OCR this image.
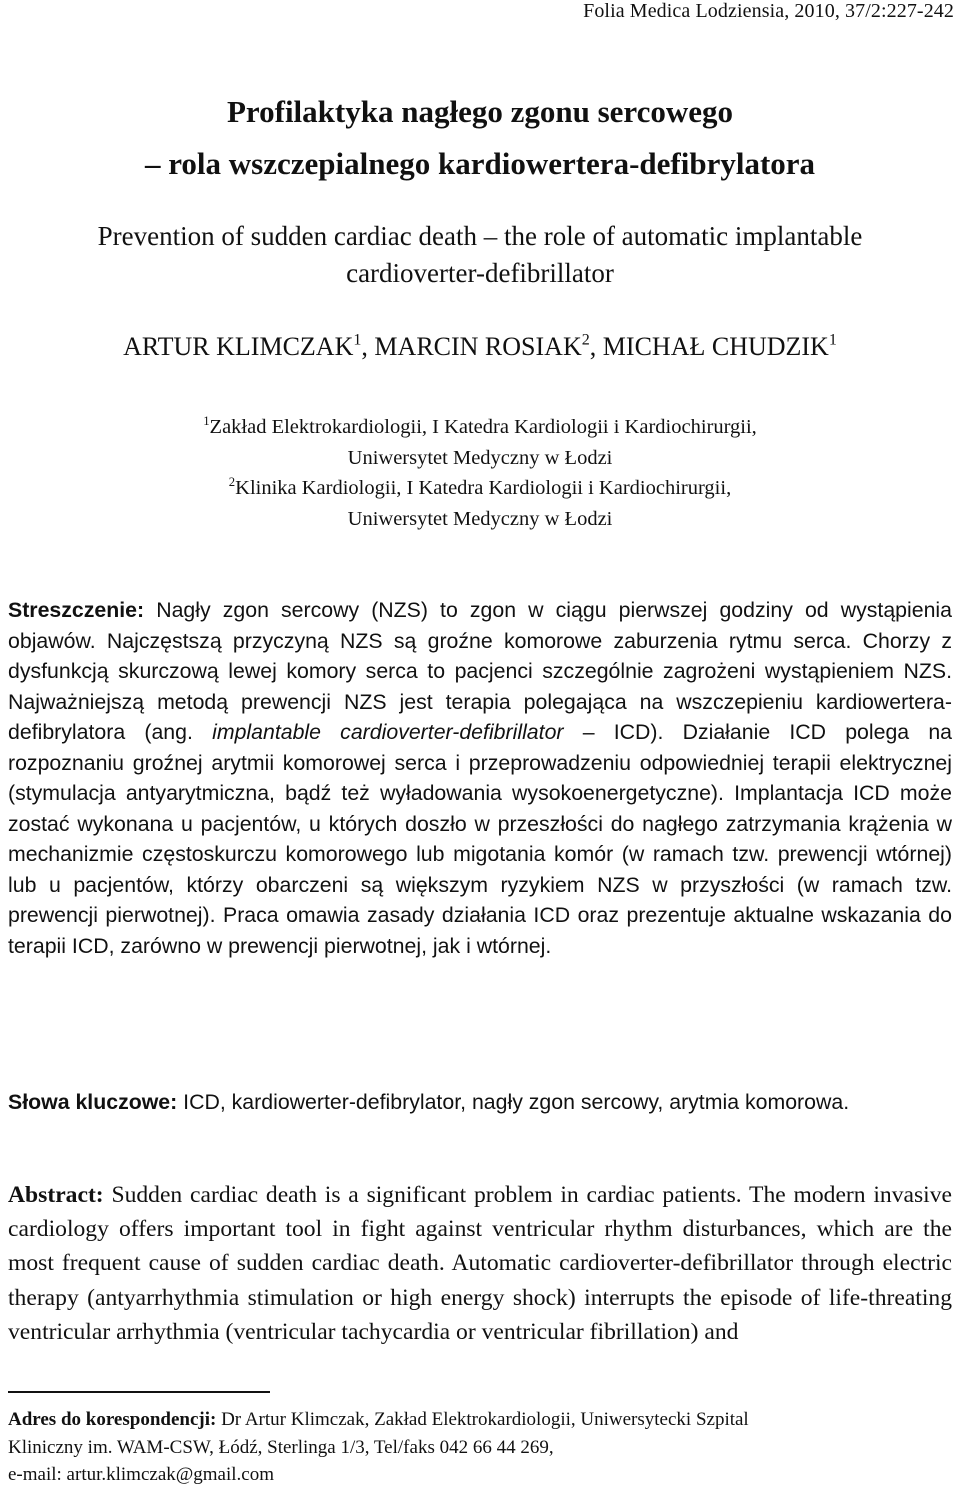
Folia Medica Lodziensia, 2010, 37/2:227-242
Profilaktyka nagłego zgonu sercowego
– rola wszczepialnego kardiowertera-defibrylatora
Prevention of sudden cardiac death – the role of automatic implantable
cardioverter-defibrillator
ARTUR KLIMCZAK$^1$, MARCIN ROSIAK$^2$, MICHAŁ CHUDZIK$^1$
$^1$Zakład Elektrokardiologii, I Katedra Kardiologii i Kardiochirurgii,
Uniwersytet Medyczny w Łodzi
$^2$Klinika Kardiologii, I Katedra Kardiologii i Kardiochirurgii,
Uniwersytet Medyczny w Łodzi
Streszczenie: Nagły zgon sercowy (NZS) to zgon w ciągu pierwszej godziny od wystąpienia objawów. Najczęstszą przyczyną NZS są groźne komorowe zaburzenia rytmu serca. Chorzy z dysfunkcją skurczową lewej komory serca to pacjenci szczególnie zagrożeni wystąpieniem NZS. Najważniejszą metodą prewencji NZS jest terapia polegająca na wszczepieniu kardiowertera-defibrylatora (ang. implantable cardioverter-defibrillator – ICD). Działanie ICD polega na rozpoznaniu groźnej arytmii komorowej serca i przeprowadzeniu odpowiedniej terapii elektrycznej (stymulacja antyarytmiczna, bądź też wyładowania wysokoenergetyczne). Implantacja ICD może zostać wykonana u pacjentów, u których doszło w przeszłości do nagłego zatrzymania krążenia w mechanizmie częstoskurczu komorowego lub migotania komór (w ramach tzw. prewencji wtórnej) lub u pacjentów, którzy obarczeni są większym ryzykiem NZS w przyszłości (w ramach tzw. prewencji pierwotnej). Praca omawia zasady działania ICD oraz prezentuje aktualne wskazania do terapii ICD, zarówno w prewencji pierwotnej, jak i wtórnej.
Słowa kluczowe: ICD, kardiowerter-defibrylator, nagły zgon sercowy, arytmia komorowa.
Abstract: Sudden cardiac death is a significant problem in cardiac patients. The modern invasive cardiology offers important tool in fight against ventricular rhythm disturbances, which are the most frequent cause of sudden cardiac death. Automatic cardioverter-defibrillator through electric therapy (antyarrhythmia stimulation or high energy shock) interrupts the episode of life-threating ventricular arrhythmia (ventricular tachycardia or ventricular fibrillation) and
Adres do korespondencji: Dr Artur Klimczak, Zakład Elektrokardiologii, Uniwersytecki Szpital
Kliniczny im. WAM-CSW, Łódź, Sterlinga 1/3, Tel/faks 042 66 44 269,
e-mail: artur.klimczak@gmail.com
